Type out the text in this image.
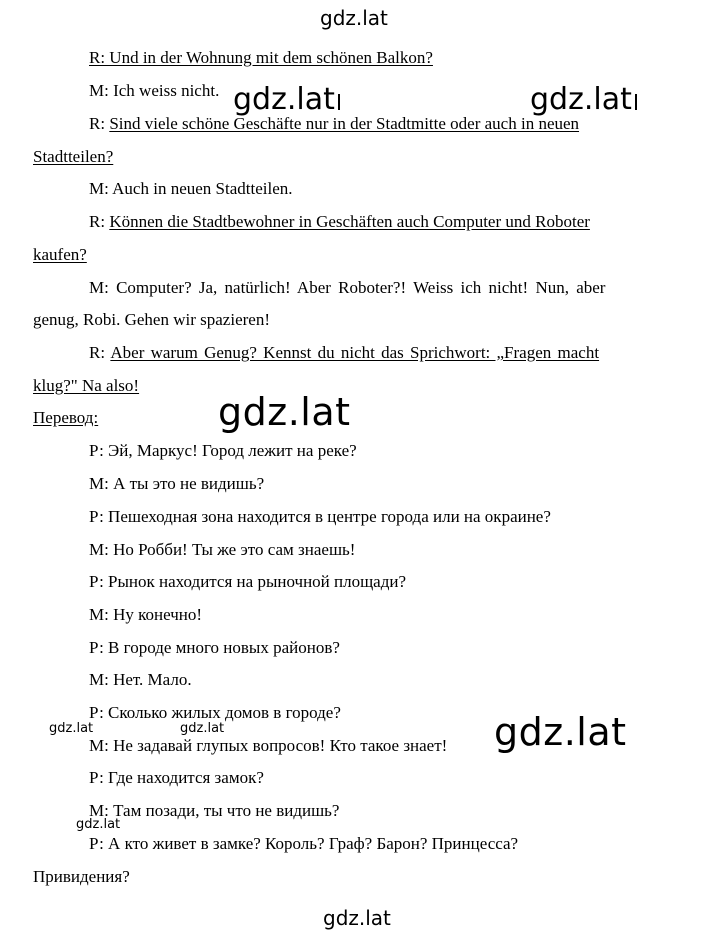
gdz.lat
R: Und in der Wohnung mit dem schönen Balkon?
M: Ich weiss nicht.
R: Sind viele schöne Geschäfte nur in der Stadtmitte oder auch in neuen
Stadtteilen?
M: Auch in neuen Stadtteilen.
R: Können die Stadtbewohner in Geschäften auch Computer und Roboter
kaufen?
M: Computer? Ja, natürlich! Aber Roboter?! Weiss ich nicht! Nun, aber
genug, Robi. Gehen wir spazieren!
R: Aber warum Genug? Kennst du nicht das Sprichwort: „Fragen macht
klug?" Na also!
Перевод:
Р: Эй, Маркус! Город лежит на реке?
М: А ты это не видишь?
Р: Пешеходная зона находится в центре города или на окраине?
М: Но Робби! Ты же это сам знаешь!
Р: Рынок находится на рыночной площади?
М: Ну конечно!
Р: В городе много новых районов?
М: Нет. Мало.
Р: Сколько жилых домов в городе?
М: Не задавай глупых вопросов! Кто такое знает!
Р: Где находится замок?
М: Там позади, ты что не видишь?
Р: А кто живет в замке? Король? Граф? Барон? Принцесса?
Привидения?
gdz.lat	gdz.lat
gdz.lat
gdz.lat
gdz.lat	gdz.lat
gdz.lat
gdz.lat
